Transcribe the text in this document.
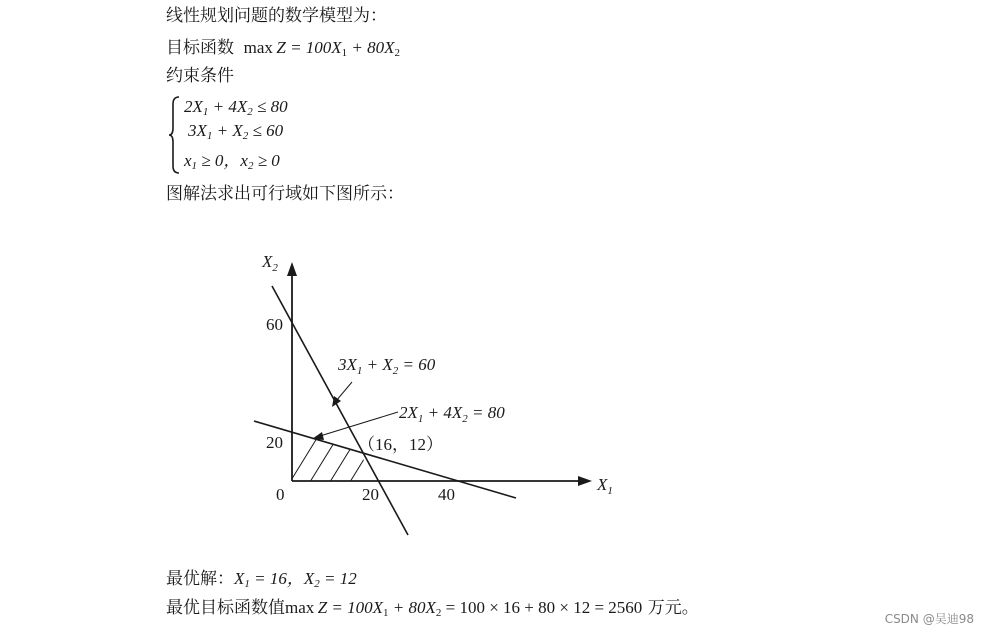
线性规划问题的数学模型为：
目标函数 $\max Z = 100X_1 + 80X_2$
约束条件
$2X_1 + 4X_2 \le 80$
$3X_1 + X_2 \le 60$
$x_1 \ge 0$，$x_2 \ge 0$
图解法求出可行域如下图所示：
$X_2$
$X_1$
60
20
0	20	40
$3X_1 + X_2 = 60$
$2X_1 + 4X_2 = 80$
（16，12）
最优解：$X_1 = 16$，$X_2 = 12$
最优目标函数值$\max Z = 100X_1 + 80X_2 = 100 \times 16 + 80 \times 12 = 2560$ 万元。
CSDN @吴迪98
